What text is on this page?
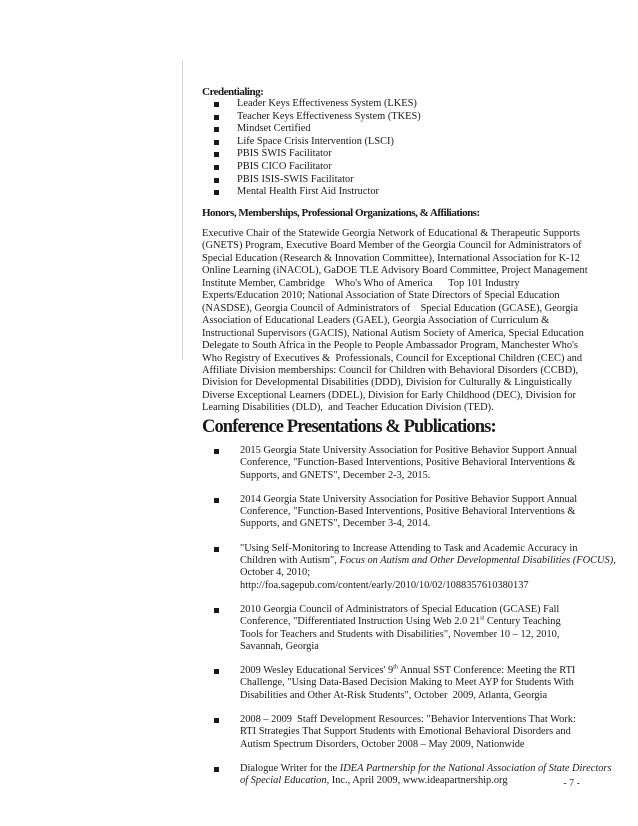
Credentialing:
Leader Keys Effectiveness System (LKES)
Teacher Keys Effectiveness System (TKES)
Mindset Certified
Life Space Crisis Intervention (LSCI)
PBIS SWIS Facilitator
PBIS CICO Facilitator
PBIS ISIS-SWIS Facilitator
Mental Health First Aid Instructor
Honors, Memberships, Professional Organizations, & Affiliations:
Executive Chair of the Statewide Georgia Network of Educational & Therapeutic Supports
(GNETS) Program, Executive Board Member of the Georgia Council for Administrators of
Special Education (Research & Innovation Committee), International Association for K-12
Online Learning (iNACOL), GaDOE TLE Advisory Board Committee, Project Management
Institute Member, Cambridge    Who's Who of America      Top 101 Industry
Experts/Education 2010; National Association of State Directors of Special Education
(NASDSE), Georgia Council of Administrators of    Special Education (GCASE), Georgia
Association of Educational Leaders (GAEL), Georgia Association of Curriculum &
Instructional Supervisors (GACIS), National Autism Society of America, Special Education
Delegate to South Africa in the People to People Ambassador Program, Manchester Who's
Who Registry of Executives &  Professionals, Council for Exceptional Children (CEC) and
Affiliate Division memberships: Council for Children with Behavioral Disorders (CCBD),
Division for Developmental Disabilities (DDD), Division for Culturally & Linguistically
Diverse Exceptional Learners (DDEL), Division for Early Childhood (DEC), Division for
Learning Disabilities (DLD),  and Teacher Education Division (TED).
Conference Presentations & Publications:
2015 Georgia State University Association for Positive Behavior Support Annual
Conference, "Function-Based Interventions, Positive Behavioral Interventions &
Supports, and GNETS", December 2-3, 2015.
2014 Georgia State University Association for Positive Behavior Support Annual
Conference, "Function-Based Interventions, Positive Behavioral Interventions &
Supports, and GNETS", December 3-4, 2014.
"Using Self-Monitoring to Increase Attending to Task and Academic Accuracy in
Children with Autism", Focus on Autism and Other Developmental Disabilities (FOCUS),
October 4, 2010;
http://foa.sagepub.com/content/early/2010/10/02/1088357610380137
2010 Georgia Council of Administrators of Special Education (GCASE) Fall
Conference, "Differentiated Instruction Using Web 2.0 21st Century Teaching
Tools for Teachers and Students with Disabilities", November 10 – 12, 2010,
Savannah, Georgia
2009 Wesley Educational Services' 9th Annual SST Conference: Meeting the RTI
Challenge, "Using Data-Based Decision Making to Meet AYP for Students With
Disabilities and Other At-Risk Students", October  2009, Atlanta, Georgia
2008 – 2009  Staff Development Resources: "Behavior Interventions That Work:
RTI Strategies That Support Students with Emotional Behavioral Disorders and
Autism Spectrum Disorders, October 2008 – May 2009, Nationwide
Dialogue Writer for the IDEA Partnership for the National Association of State Directors
of Special Education, Inc., April 2009, www.ideapartnership.org	- 7 -
